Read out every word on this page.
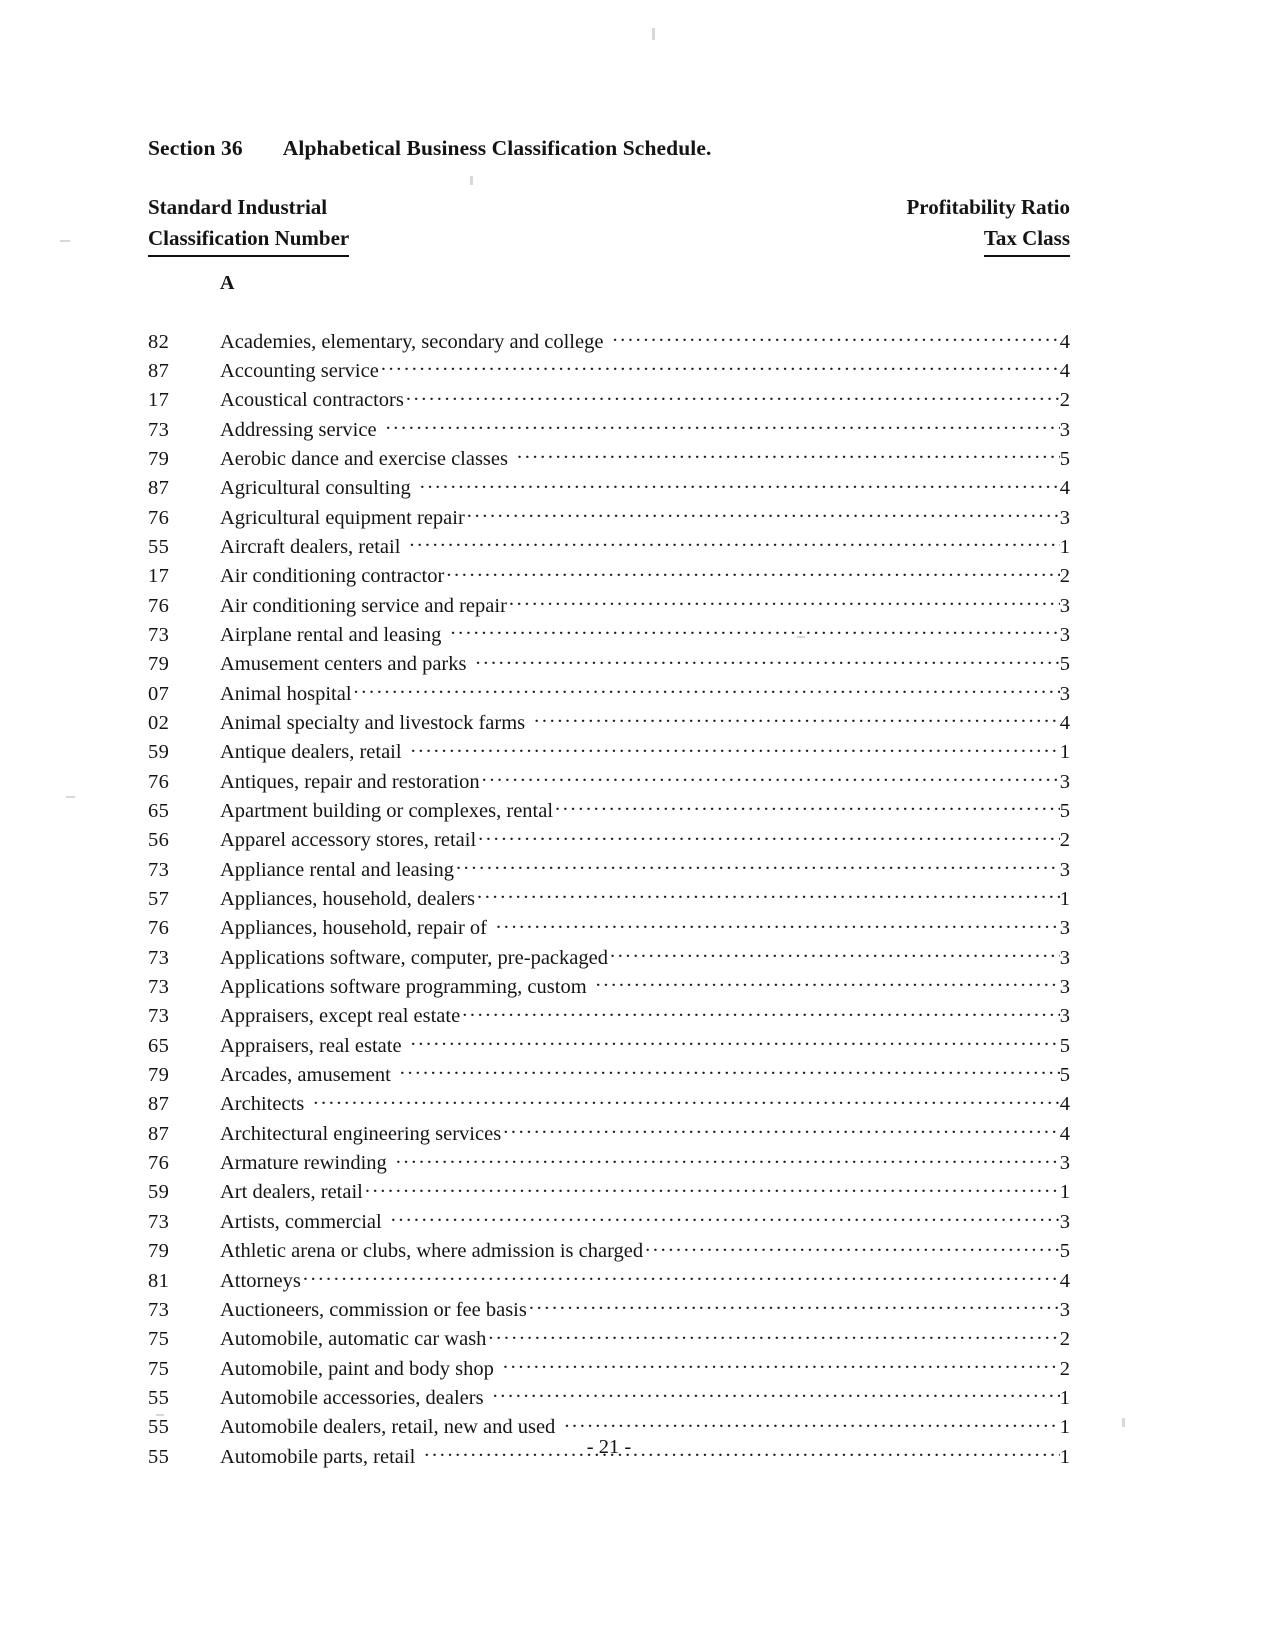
Section 36 Alphabetical Business Classification Schedule.
Standard Industrial
Classification Number
Profitability Ratio
Tax Class
A
82	Academies, elementary, secondary and college .....	4
87	Accounting service .....	4
17	Acoustical contractors .....	2
73	Addressing service .....	3
79	Aerobic dance and exercise classes .....	5
87	Agricultural consulting .....	4
76	Agricultural equipment repair .....	3
55	Aircraft dealers, retail .....	1
17	Air conditioning contractor .....	2
76	Air conditioning service and repair .....	3
73	Airplane rental and leasing .....	3
79	Amusement centers and parks .....	5
07	Animal hospital .....	3
02	Animal specialty and livestock farms .....	4
59	Antique dealers, retail .....	1
76	Antiques, repair and restoration .....	3
65	Apartment building or complexes, rental .....	5
56	Apparel accessory stores, retail .....	2
73	Appliance rental and leasing .....	3
57	Appliances, household, dealers .....	1
76	Appliances, household, repair of .....	3
73	Applications software, computer, pre-packaged .....	3
73	Applications software programming, custom .....	3
73	Appraisers, except real estate .....	3
65	Appraisers, real estate .....	5
79	Arcades, amusement .....	5
87	Architects .....	4
87	Architectural engineering services .....	4
76	Armature rewinding .....	3
59	Art dealers, retail .....	1
73	Artists, commercial .....	3
79	Athletic arena or clubs, where admission is charged .....	5
81	Attorneys .....	4
73	Auctioneers, commission or fee basis .....	3
75	Automobile, automatic car wash .....	2
75	Automobile, paint and body shop .....	2
55	Automobile accessories, dealers .....	1
55	Automobile dealers, retail, new and used .....	1
55	Automobile parts, retail .....	1
- 21 -
